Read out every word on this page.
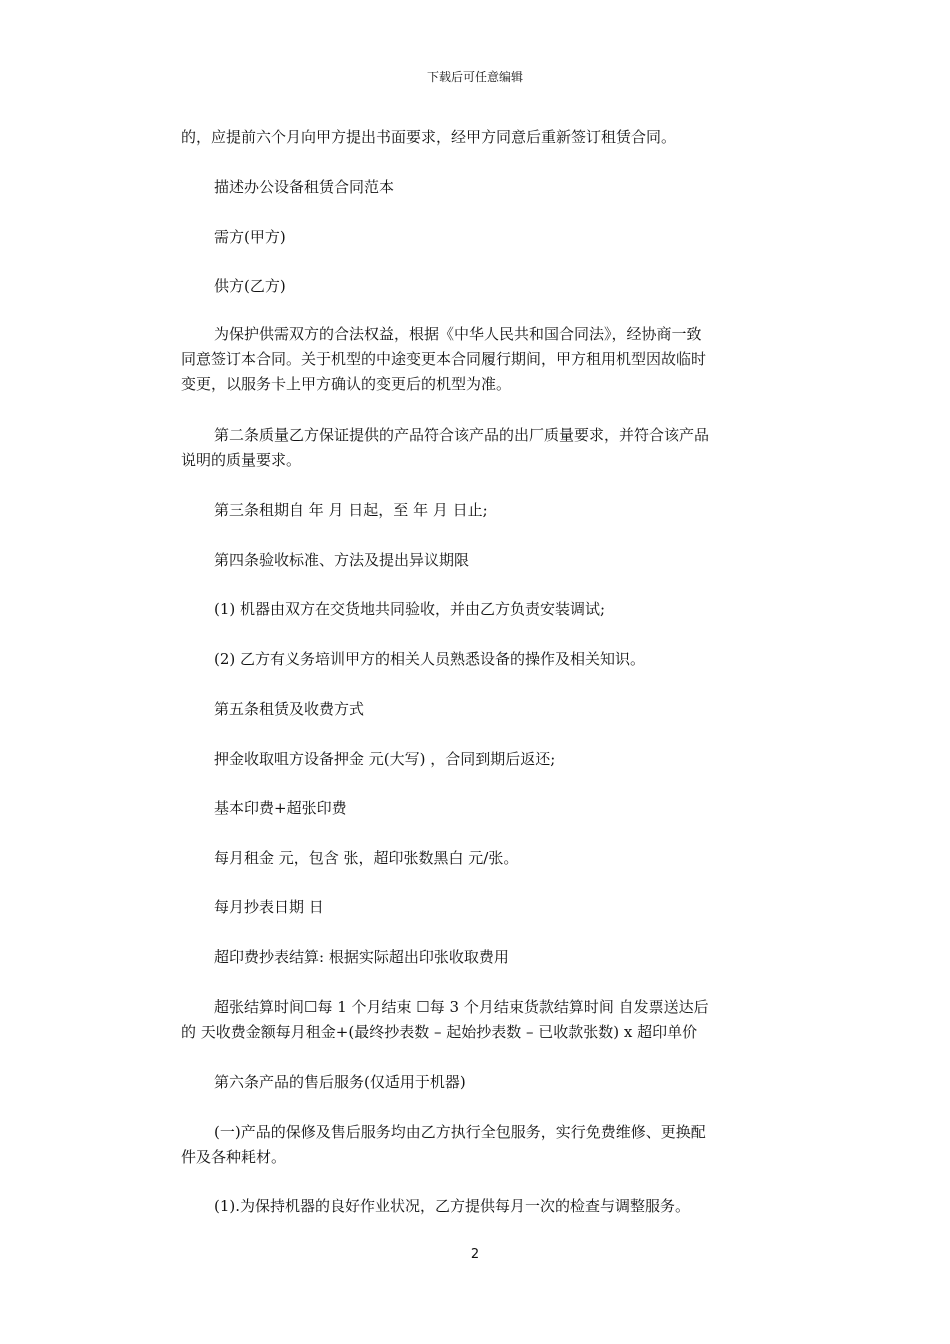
下载后可任意编辑
的，应提前六个月向甲方提出书面要求，经甲方同意后重新签订租赁合同。
描述办公设备租赁合同范本
需方(甲方)
供方(乙方)
为保护供需双方的合法权益，根据《中华人民共和国合同法》，经协商一致
同意签订本合同。关于机型的中途变更本合同履行期间，甲方租用机型因故临时
变更，以服务卡上甲方确认的变更后的机型为准。
第二条质量乙方保证提供的产品符合该产品的出厂质量要求，并符合该产品
说明的质量要求。
第三条租期自 年 月 日起，至 年 月 日止;
第四条验收标准、方法及提出异议期限
(1) 机器由双方在交货地共同验收，并由乙方负责安装调试;
(2) 乙方有义务培训甲方的相关人员熟悉设备的操作及相关知识。
第五条租赁及收费方式
押金收取咀方设备押金 元(大写) ，合同到期后返还;
基本印费+超张印费
每月租金 元，包含 张，超印张数黑白 元/张。
每月抄表日期 日
超印费抄表结算: 根据实际超出印张收取费用
超张结算时间☐每 1 个月结束 ☐每 3 个月结束货款结算时间 自发票送达后
的 天收费金额每月租金+(最终抄表数 – 起始抄表数 – 已收款张数) x 超印单价
第六条产品的售后服务(仅适用于机器)
(一)产品的保修及售后服务均由乙方执行全包服务，实行免费维修、更换配
件及各种耗材。
(1).为保持机器的良好作业状况，乙方提供每月一次的检查与调整服务。
2
